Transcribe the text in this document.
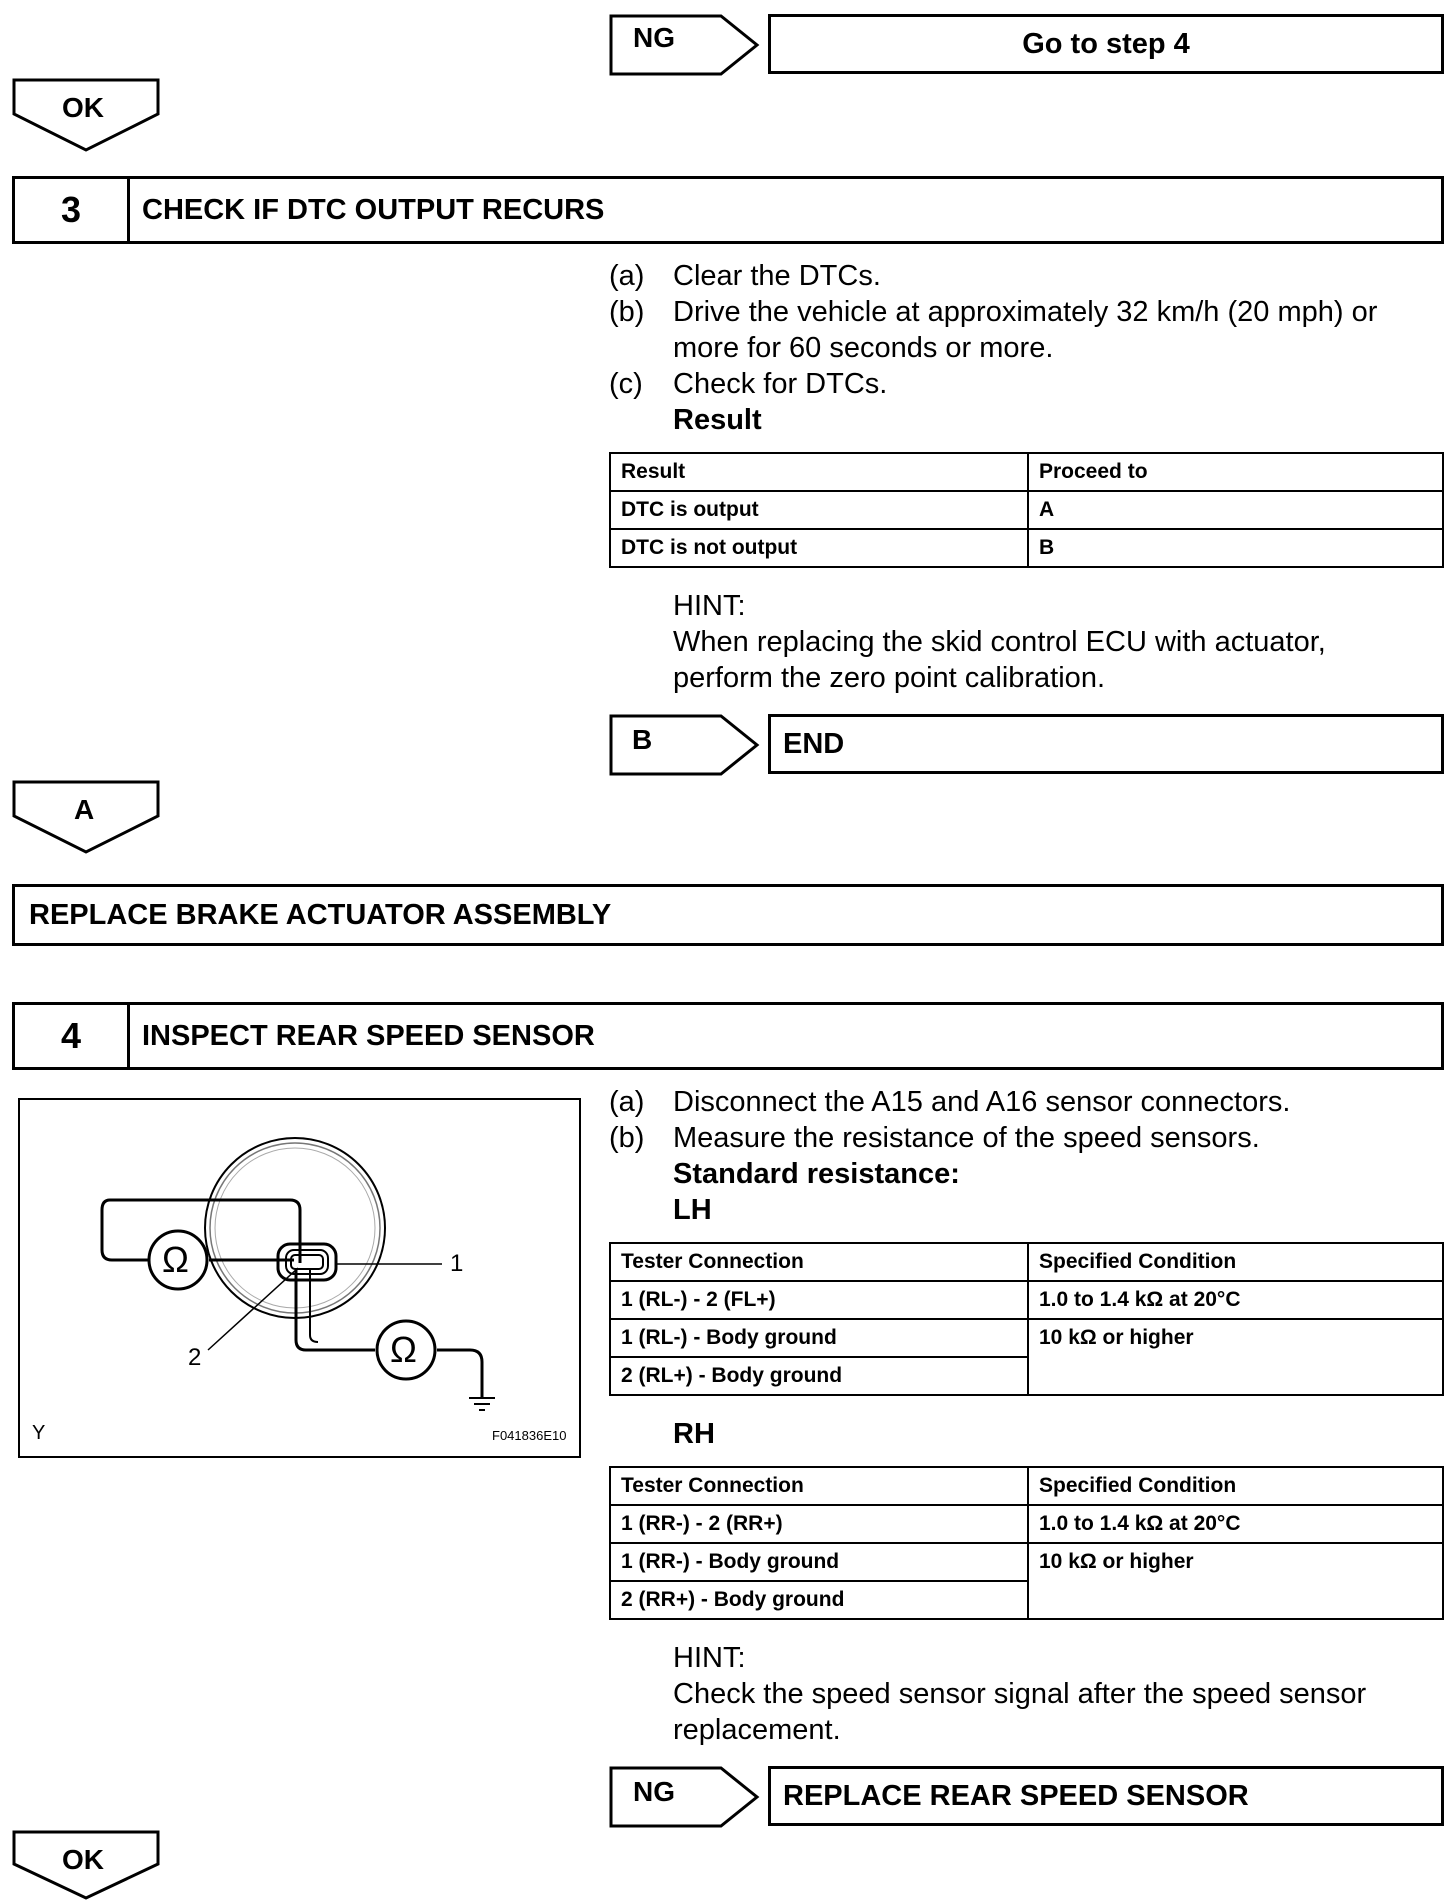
NG	Go to step 4
OK
3	CHECK IF DTC OUTPUT RECURS
(a) Clear the DTCs.
(b) Drive the vehicle at approximately 32 km/h (20 mph) or
more for 60 seconds or more.
(c) Check for DTCs.
Result
Result	Proceed to
DTC is output	A
DTC is not output	B
HINT:
When replacing the skid control ECU with actuator,
perform the zero point calibration.
B	END
A
REPLACE BRAKE ACTUATOR ASSEMBLY
4	INSPECT REAR SPEED SENSOR
Ω
Ω
1
2
Y	F041836E10
(a) Disconnect the A15 and A16 sensor connectors.
(b) Measure the resistance of the speed sensors.
Standard resistance:
LH
Tester Connection	Specified Condition
1 (RL-) - 2 (FL+)	1.0 to 1.4 kΩ at 20°C
1 (RL-) - Body ground	10 kΩ or higher
2 (RL+) - Body ground	
RH
Tester Connection	Specified Condition
1 (RR-) - 2 (RR+)	1.0 to 1.4 kΩ at 20°C
1 (RR-) - Body ground	10 kΩ or higher
2 (RR+) - Body ground	
HINT:
Check the speed sensor signal after the speed sensor
replacement.
NG	REPLACE REAR SPEED SENSOR
OK
